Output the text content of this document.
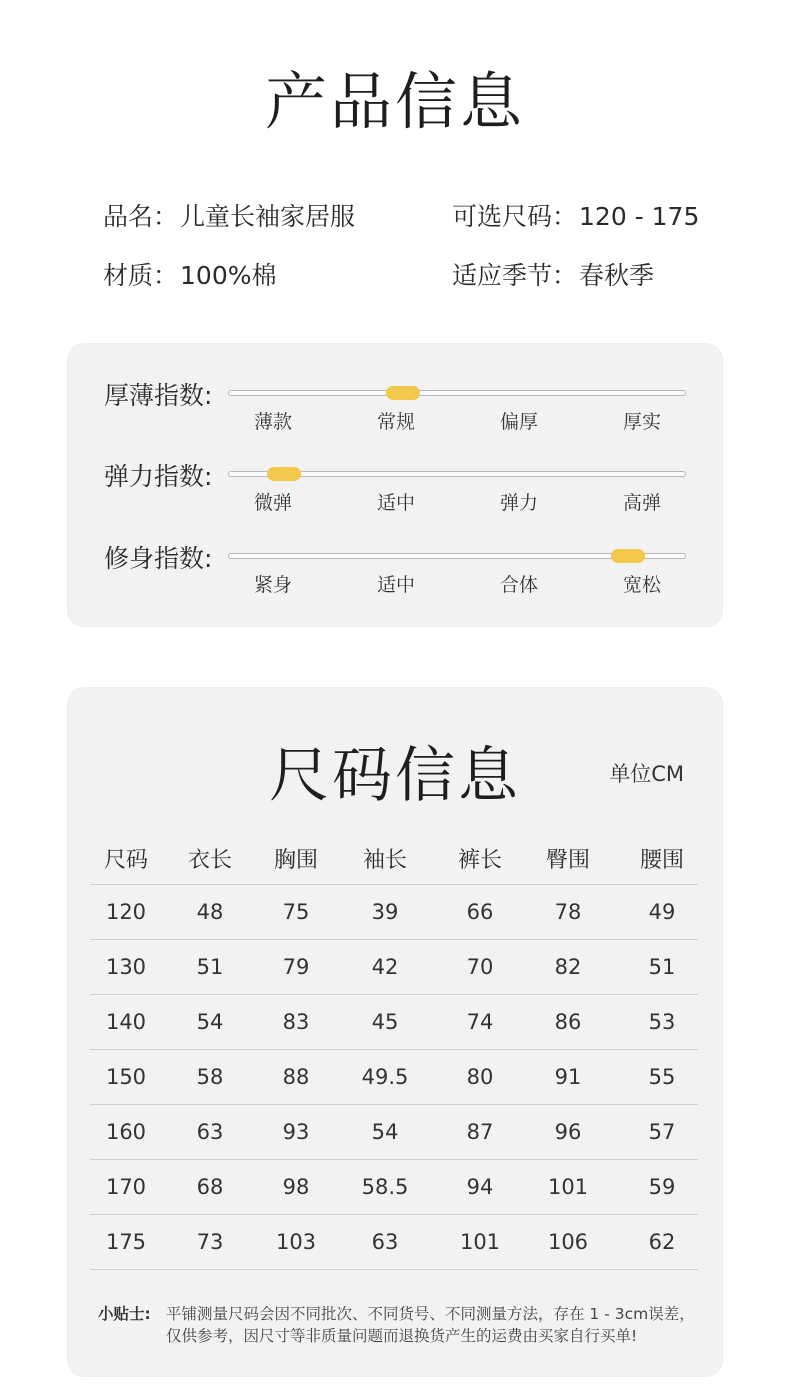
产品信息
品名：儿童长袖家居服	可选尺码：120 - 175
材质：100%棉	适应季节：春秋季
厚薄指数:
薄款	常规	偏厚	厚实
弹力指数:
微弹	适中	弹力	高弹
修身指数:
紧身	适中	合体	宽松
尺码信息	单位CM
尺码	衣长	胸围	袖长	裤长	臀围	腰围
120	48	75	39	66	78	49
130	51	79	42	70	82	51
140	54	83	45	74	86	53
150	58	88	49.5	80	91	55
160	63	93	54	87	96	57
170	68	98	58.5	94	101	59
175	73	103	63	101	106	62
小贴士: 平铺测量尺码会因不同批次、不同货号、不同测量方法，存在 1 - 3cm误差，仅供参考，因尺寸等非质量问题而退换货产生的运费由买家自行买单!
